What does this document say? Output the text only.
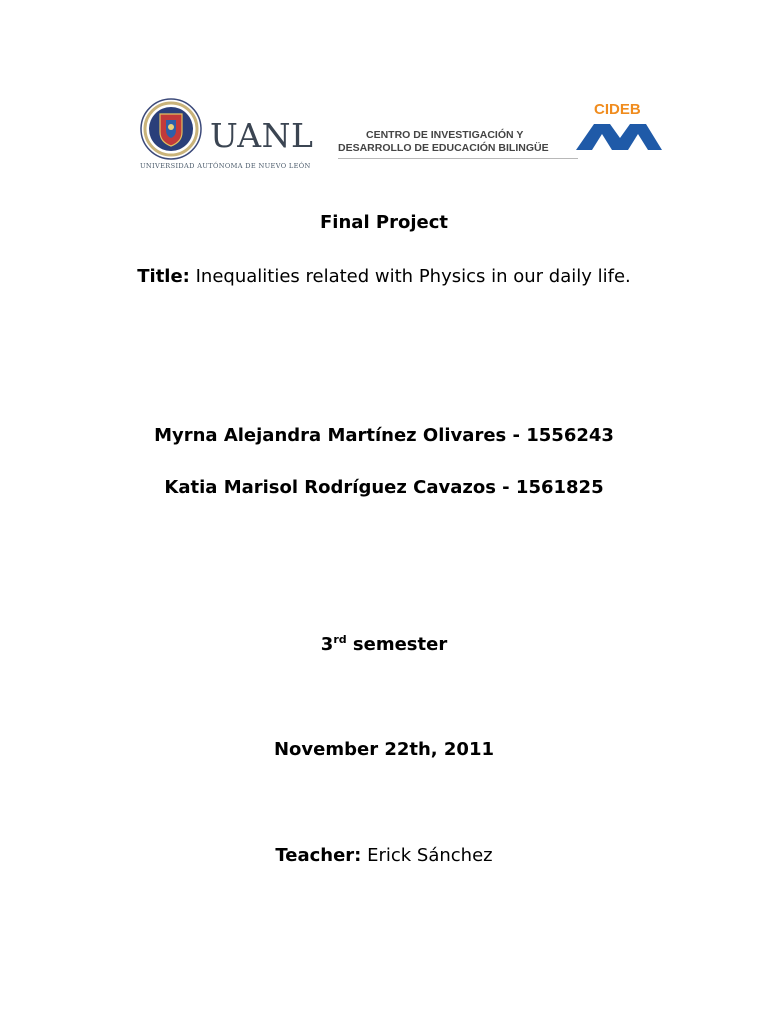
UANL
UNIVERSIDAD AUTÓNOMA DE NUEVO LEÓN
CENTRO DE INVESTIGACIÓN Y
DESARROLLO DE EDUCACIÓN BILINGÜE
CIDEB
Final Project
Title: Inequalities related with Physics in our daily life.
Myrna Alejandra Martínez Olivares - 1556243
Katia Marisol Rodríguez Cavazos - 1561825
3rd semester
November 22th, 2011
Teacher: Erick Sánchez
